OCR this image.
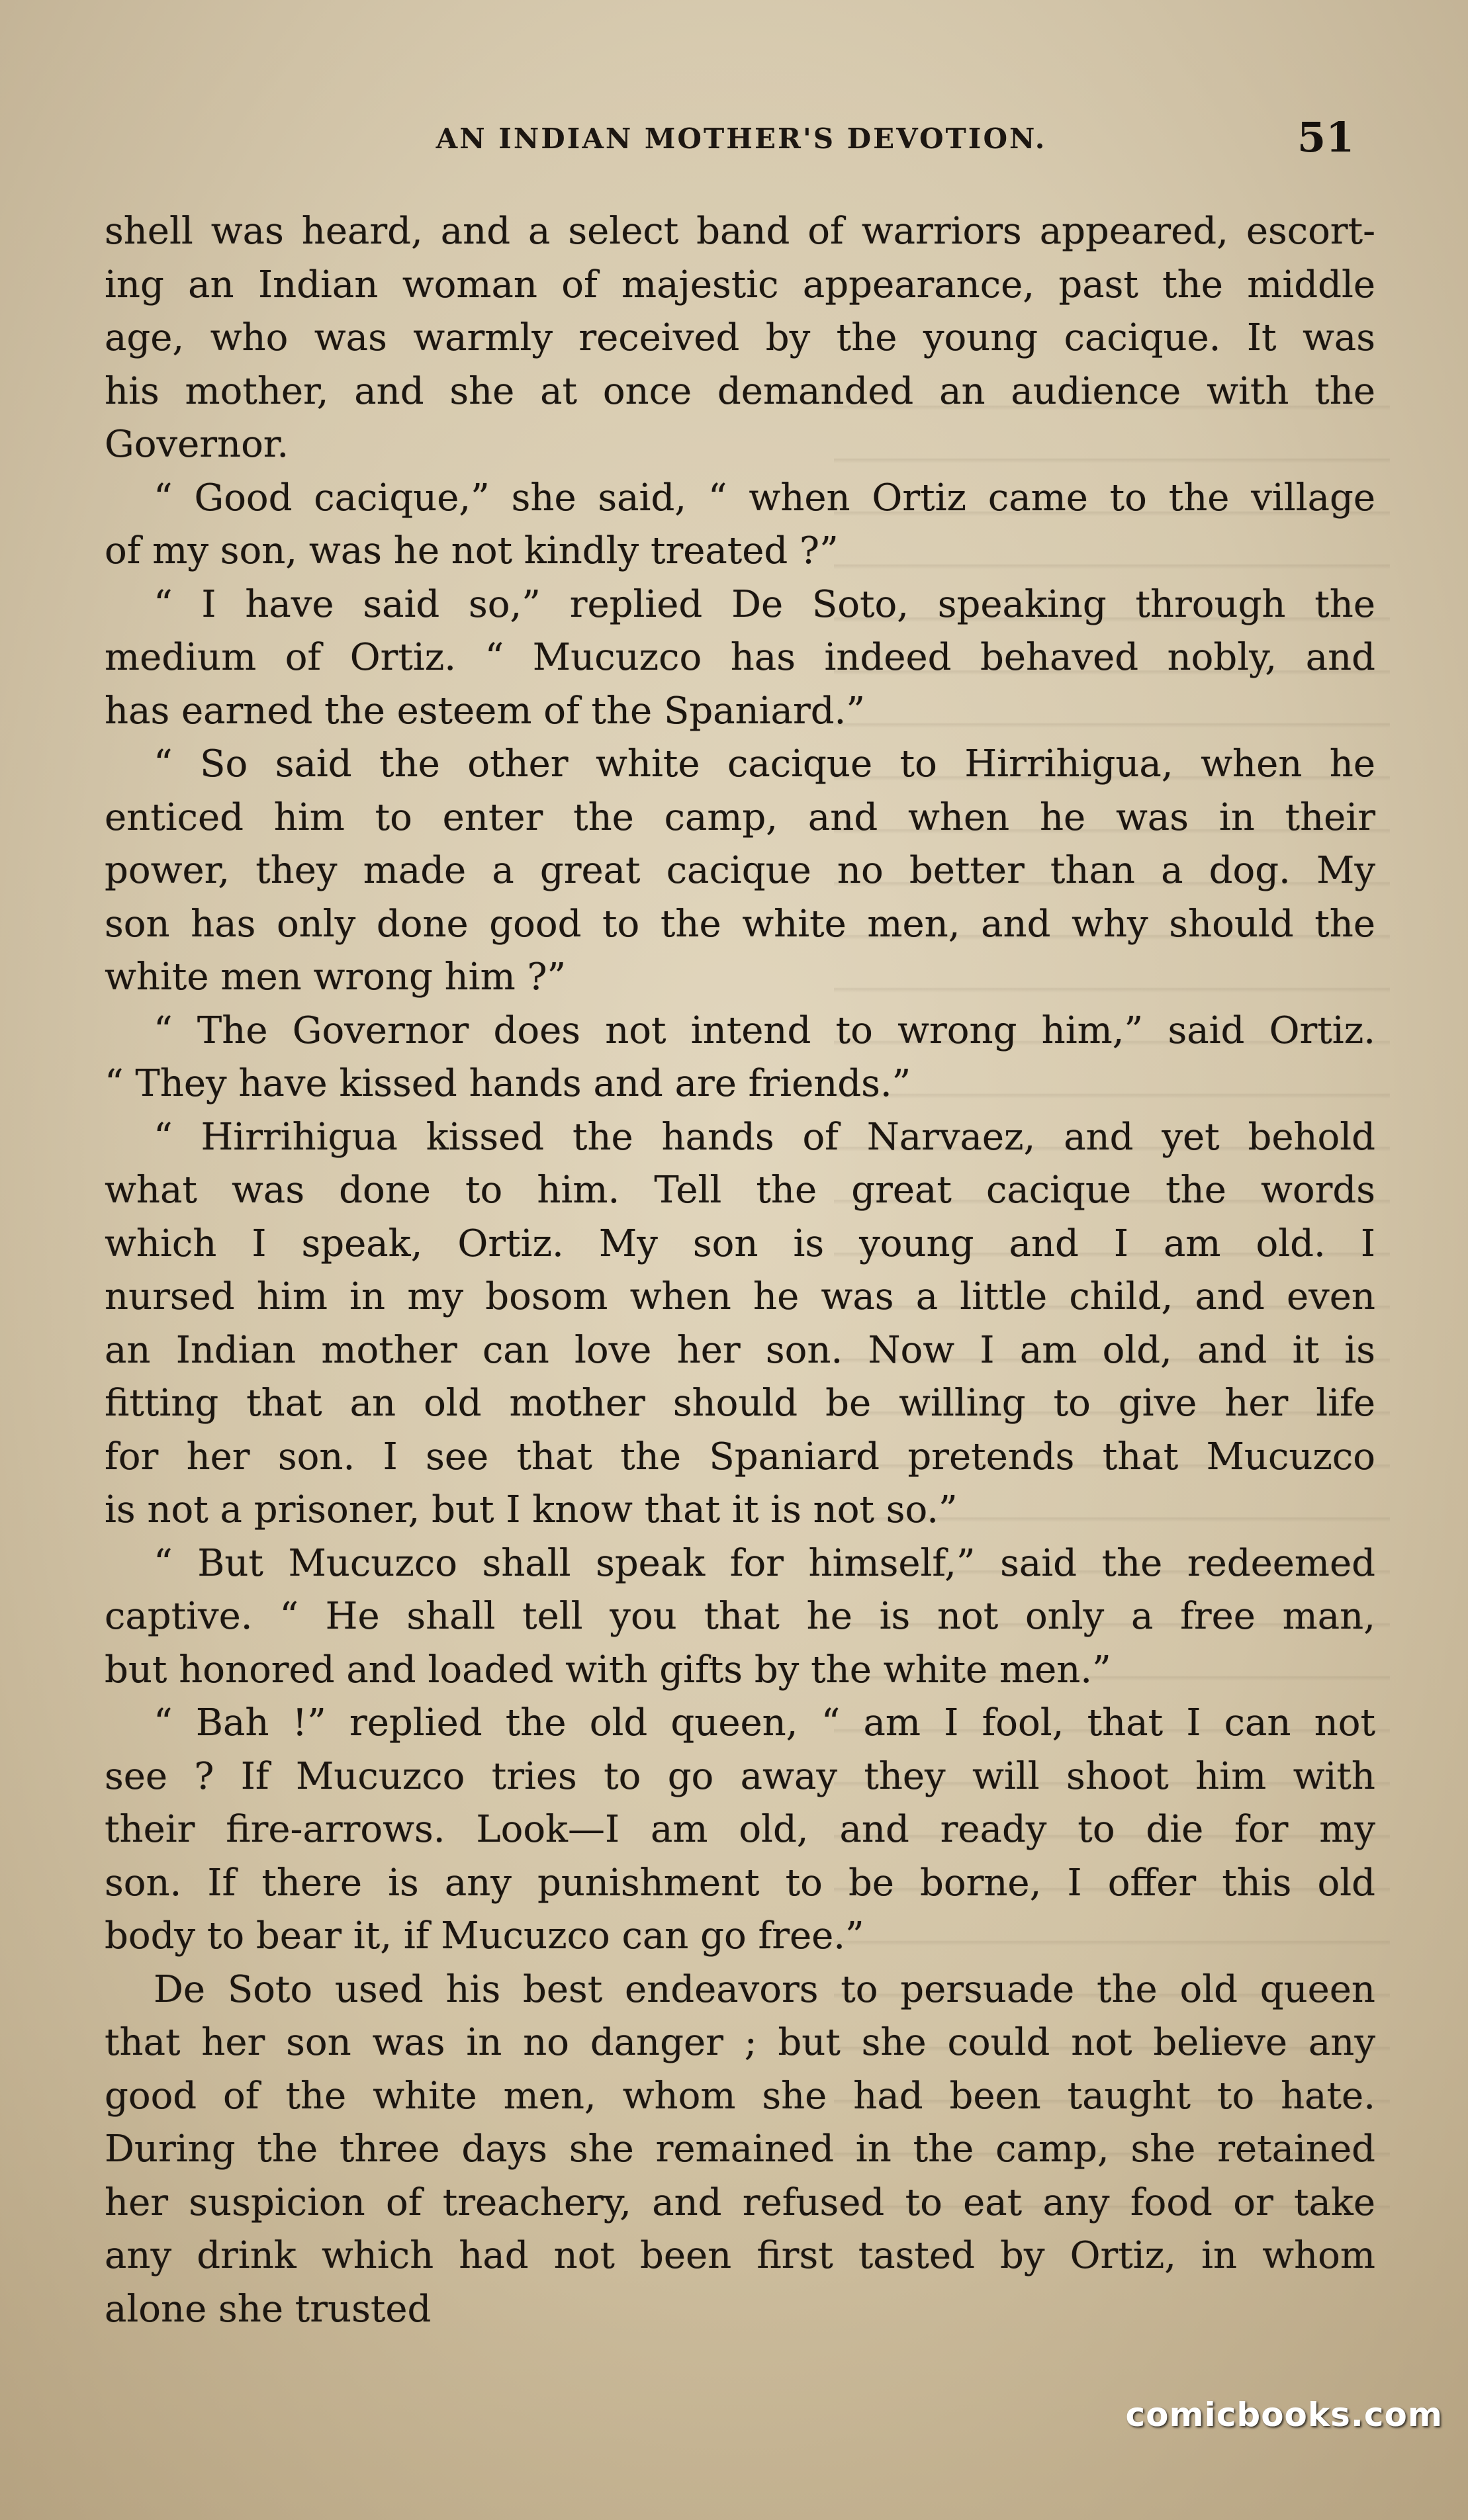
AN INDIAN MOTHER'S DEVOTION.	51
shell was heard, and a select band of warriors appeared, escort-
ing an Indian woman of majestic appearance, past the middle
age, who was warmly received by the young cacique. It was
his mother, and she at once demanded an audience with the
Governor.
“ Good cacique,” she said, “ when Ortiz came to the village
of my son, was he not kindly treated ?”
“ I have said so,” replied De Soto, speaking through the
medium of Ortiz. “ Mucuzco has indeed behaved nobly, and
has earned the esteem of the Spaniard.”
“ So said the other white cacique to Hirrihigua, when he
enticed him to enter the camp, and when he was in their
power, they made a great cacique no better than a dog. My
son has only done good to the white men, and why should the
white men wrong him ?”
“ The Governor does not intend to wrong him,” said Ortiz.
“ They have kissed hands and are friends.”
“ Hirrihigua kissed the hands of Narvaez, and yet behold
what was done to him. Tell the great cacique the words
which I speak, Ortiz. My son is young and I am old. I
nursed him in my bosom when he was a little child, and even
an Indian mother can love her son. Now I am old, and it is
fitting that an old mother should be willing to give her life
for her son. I see that the Spaniard pretends that Mucuzco
is not a prisoner, but I know that it is not so.”
“ But Mucuzco shall speak for himself,” said the redeemed
captive. “ He shall tell you that he is not only a free man,
but honored and loaded with gifts by the white men.”
“ Bah !” replied the old queen, “ am I fool, that I can not
see ? If Mucuzco tries to go away they will shoot him with
their fire-arrows. Look—I am old, and ready to die for my
son. If there is any punishment to be borne, I offer this old
body to bear it, if Mucuzco can go free.”
De Soto used his best endeavors to persuade the old queen
that her son was in no danger ; but she could not believe any
good of the white men, whom she had been taught to hate.
During the three days she remained in the camp, she retained
her suspicion of treachery, and refused to eat any food or take
any drink which had not been first tasted by Ortiz, in whom
alone she trusted
comicbooks.com
